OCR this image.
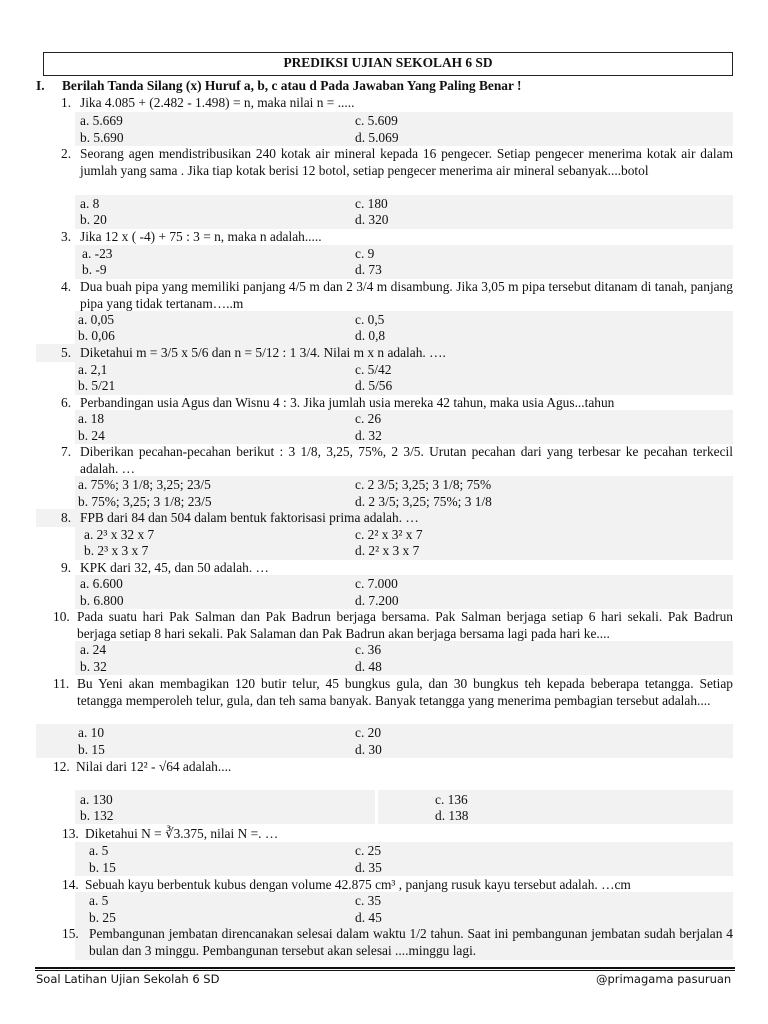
PREDIKSI UJIAN SEKOLAH 6 SD
I. Berilah Tanda Silang (x) Huruf a, b, c atau d Pada Jawaban Yang Paling Benar !
1. Jika 4.085 + (2.482 - 1.498) = n, maka nilai n = .....
a. 5.669
b. 5.690
c. 5.609
d. 5.069
2. Seorang agen mendistribusikan 240 kotak air mineral kepada 16 pengecer. Setiap pengecer menerima kotak air dalam jumlah yang sama . Jika tiap kotak berisi 12 botol, setiap pengecer menerima air mineral sebanyak....botol
a. 8
b. 20
c. 180
d. 320
3. Jika 12 x ( -4) + 75 : 3 = n, maka n adalah.....
a. -23
b. -9
c. 9
d. 73
4. Dua buah pipa yang memiliki panjang 4/5 m dan 2 3/4 m disambung. Jika 3,05 m pipa tersebut ditanam di tanah, panjang pipa yang tidak tertanam…..m
a. 0,05
b. 0,06
c. 0,5
d. 0,8
5. Diketahui m = 3/5 x 5/6 dan n = 5/12 : 1 3/4. Nilai m x n adalah. ….
a. 2,1
b. 5/21
c. 5/42
d. 5/56
6. Perbandingan usia Agus dan Wisnu 4 : 3. Jika jumlah usia mereka 42 tahun, maka usia Agus...tahun
a. 18
b. 24
c. 26
d. 32
7. Diberikan pecahan-pecahan berikut : 3 1/8, 3,25, 75%, 2 3/5. Urutan pecahan dari yang terbesar ke pecahan terkecil adalah. …
a. 75%; 3 1/8; 3,25; 23/5
b. 75%; 3,25; 3 1/8; 23/5
c. 2 3/5; 3,25; 3 1/8; 75%
d. 2 3/5; 3,25; 75%; 3 1/8
8. FPB dari 84 dan 504 dalam bentuk faktorisasi prima adalah. …
a. 2³ x 32 x 7
b. 2³ x 3 x 7
c. 2² x 3² x 7
d. 2² x 3 x 7
9. KPK dari 32, 45, dan 50 adalah. …
a. 6.600
b. 6.800
c. 7.000
d. 7.200
10. Pada suatu hari Pak Salman dan Pak Badrun berjaga bersama. Pak Salman berjaga setiap 6 hari sekali. Pak Badrun berjaga setiap 8 hari sekali. Pak Salaman dan Pak Badrun akan berjaga bersama lagi pada hari ke....
a. 24
b. 32
c. 36
d. 48
11. Bu Yeni akan membagikan 120 butir telur, 45 bungkus gula, dan 30 bungkus teh kepada beberapa tetangga. Setiap tetangga memperoleh telur, gula, dan teh sama banyak. Banyak tetangga yang menerima pembagian tersebut adalah....
a. 10
b. 15
c. 20
d. 30
12. Nilai dari 12² - √64 adalah....
a. 130
b. 132
c. 136
d. 138
13. Diketahui N = ∛3.375, nilai N =. …
a. 5
b. 15
c. 25
d. 35
14. Sebuah kayu berbentuk kubus dengan volume 42.875 cm³ , panjang rusuk kayu tersebut adalah. …cm
a. 5
b. 25
c. 35
d. 45
15. Pembangunan jembatan direncanakan selesai dalam waktu 1/2 tahun. Saat ini pembangunan jembatan sudah berjalan 4 bulan dan 3 minggu. Pembangunan tersebut akan selesai ....minggu lagi.
Soal Latihan Ujian Sekolah 6 SD	@primagama pasuruan
